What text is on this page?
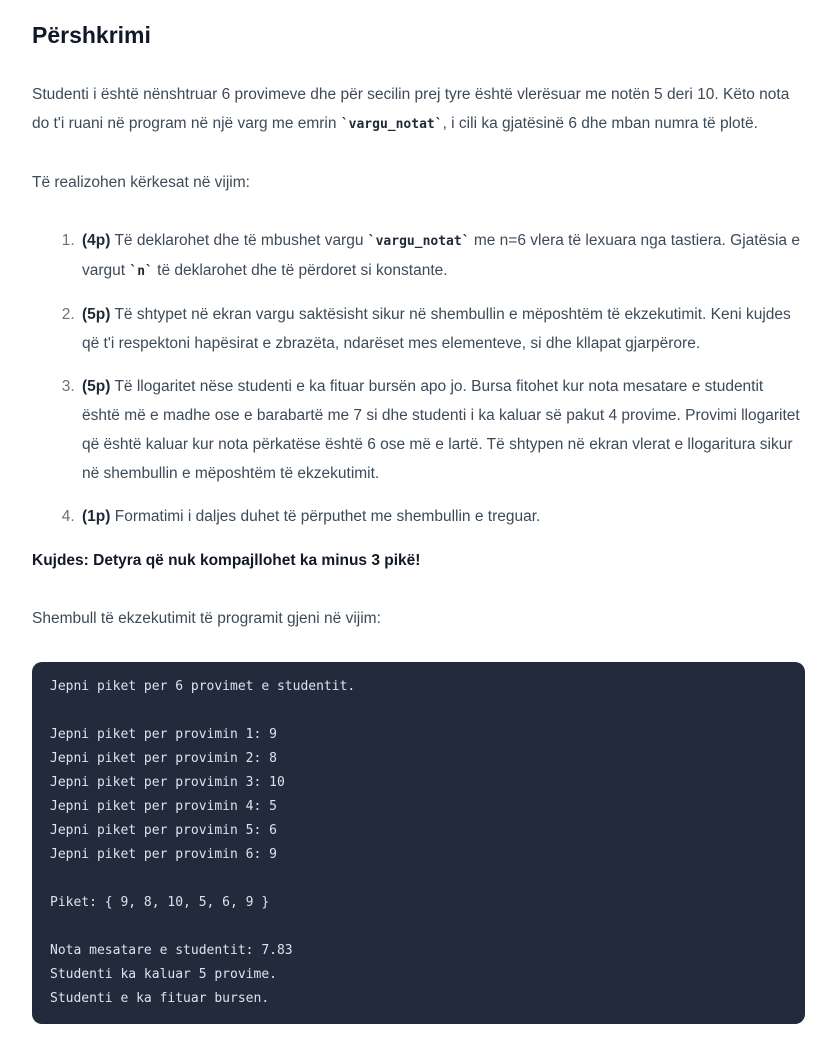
Përshkrimi

Studenti i është nënshtruar 6 provimeve dhe për secilin prej tyre është vlerësuar me notën 5 deri 10. Këto nota do t'i ruani në program në një varg me emrin `vargu_notat`, i cili ka gjatësinë 6 dhe mban numra të plotë.

Të realizohen kërkesat në vijim:

1. (4p) Të deklarohet dhe të mbushet vargu `vargu_notat` me n=6 vlera të lexuara nga tastiera. Gjatësia e vargut `n` të deklarohet dhe të përdoret si konstante.
2. (5p) Të shtypet në ekran vargu saktësisht sikur në shembullin e mëposhtëm të ekzekutimit. Keni kujdes që t'i respektoni hapësirat e zbrazëta, ndarëset mes elementeve, si dhe kllapat gjarpërore.
3. (5p) Të llogaritet nëse studenti e ka fituar bursën apo jo. Bursa fitohet kur nota mesatare e studentit është më e madhe ose e barabartë me 7 si dhe studenti i ka kaluar së pakut 4 provime. Provimi llogaritet që është kaluar kur nota përkatëse është 6 ose më e lartë. Të shtypen në ekran vlerat e llogaritura sikur në shembullin e mëposhtëm të ekzekutimit.
4. (1p) Formatimi i daljes duhet të përputhet me shembullin e treguar.

Kujdes: Detyra që nuk kompajllohet ka minus 3 pikë!

Shembull të ekzekutimit të programit gjeni në vijim:

Jepni piket per 6 provimet e studentit.

Jepni piket per provimin 1: 9
Jepni piket per provimin 2: 8
Jepni piket per provimin 3: 10
Jepni piket per provimin 4: 5
Jepni piket per provimin 5: 6
Jepni piket per provimin 6: 9

Piket: { 9, 8, 10, 5, 6, 9 }

Nota mesatare e studentit: 7.83
Studenti ka kaluar 5 provime.
Studenti e ka fituar bursen.
